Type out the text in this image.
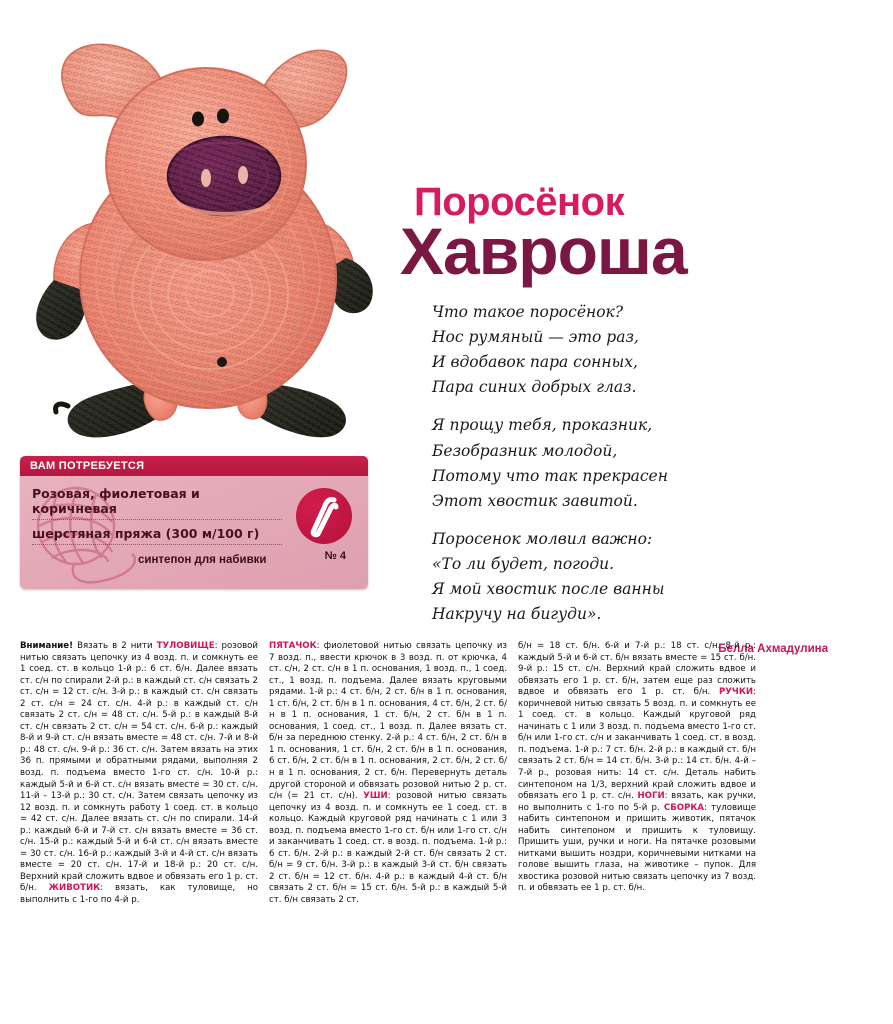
Поросёнок
Хавроша
Что такое поросёнок?
Нос румяный — это раз,
И вдобавок пара сонных,
Пара синих добрых глаз.
Я прощу тебя, проказник,
Безобразник молодой,
Потому что так прекрасен
Этот хвостик завитой.
Поросенок молвил важно:
«То ли будет, погоди.
Я мой хвостик после ванны
Накручу на бигуди».
Белла Ахмадулина
ВАМ ПОТРЕБУЕТСЯ
Розовая, фиолетовая и коричневая
шерстяная пряжа (300 м/100 г)
синтепон для набивки	№ 4

Внимание! Вязать в 2 нити ТУЛОВИЩЕ: розовой нитью связать цепочку из 4 возд. п. и сомкнуть ее 1 соед. ст. в кольцо 1-й р.: 6 ст. б/н. Далее вязать ст. с/н по спирали 2-й р.: в каждый ст. с/н связать 2 ст. с/н = 12 ст. с/н. 3-й р.: в каждый ст. с/н связать 2 ст. с/н = 24 ст. с/н. 4-й р.: в каждый ст. с/н связать 2 ст. с/н = 48 ст. с/н. 5-й р.: в каждый 8-й ст. с/н связать 2 ст. с/н = 54 ст. с/н. 6-й р.: каждый 8-й и 9-й ст. с/н вязать вместе = 48 ст. с/н. 7-й и 8-й р.: 48 ст. с/н. 9-й р.: 36 ст. с/н. Затем вязать на этих 36 п. прямыми и обратными рядами, выполняя 2 возд. п. подъема вместо 1-го ст. с/н. 10-й р.: каждый 5-й и 6-й ст. с/н вязать вместе = 30 ст. с/н. 11-й – 13-й р.: 30 ст. с/н. Затем связать цепочку из 12 возд. п. и сомкнуть работу 1 соед. ст. в кольцо = 42 ст. с/н. Далее вязать ст. с/н по спирали. 14-й р.: каждый 6-й и 7-й ст. с/н вязать вместе = 36 ст. с/н. 15-й р.: каждый 5-й и 6-й ст. с/н вязать вместе = 30 ст. с/н. 16-й р.: каждый 3-й и 4-й ст. с/н вязать вместе = 20 ст. с/н. 17-й и 18-й р.: 20 ст. с/н. Верхний край сложить вдвое и обвязать его 1 р. ст. б/н. ЖИВОТИК: вязать, как туловище, но выполнить с 1-го по 4-й р.

ПЯТАЧОК: фиолетовой нитью связать цепочку из 7 возд. п., ввести крючок в 3 возд. п. от крючка, 4 ст. с/н, 2 ст. с/н в 1 п. основания, 1 возд. п., 1 соед. ст., 1 возд. п. подъема. Далее вязать круговыми рядами. 1-й р.: 4 ст. б/н, 2 ст. б/н в 1 п. основания, 1 ст. б/н, 2 ст. б/н в 1 п. основания, 4 ст. б/н, 2 ст. б/н в 1 п. основания, 1 ст. б/н, 2 ст. б/н в 1 п. основания, 1 соед. ст., 1 возд. п. Далее вязать ст. б/н за переднюю стенку. 2-й р.: 4 ст. б/н, 2 ст. б/н в 1 п. основания, 1 ст. б/н, 2 ст. б/н в 1 п. основания, 6 ст. б/н, 2 ст. б/н в 1 п. основания, 2 ст. б/н, 2 ст. б/н в 1 п. основания, 2 ст. б/н. Перевернуть деталь другой стороной и обвязать розовой нитью 2 р. ст. с/н (= 21 ст. с/н). УШИ: розовой нитью связать цепочку из 4 возд. п. и сомкнуть ее 1 соед. ст. в кольцо. Каждый круговой ряд начинать с 1 или 3 возд. п. подъема вместо 1-го ст. б/н или 1-го ст. с/н и заканчивать 1 соед. ст. в возд. п. подъема. 1-й р.: 6 ст. б/н. 2-й р.: в каждый 2-й ст. б/н связать 2 ст. б/н = 9 ст. б/н. 3-й р.: в каждый 3-й ст. б/н связать 2 ст. б/н = 12 ст. б/н. 4-й р.: в каждый 4-й ст. б/н связать 2 ст. б/н = 15 ст. б/н. 5-й р.: в каждый 5-й ст. б/н связать 2 ст.

б/н = 18 ст. б/н. 6-й и 7-й р.: 18 ст. с/н. 8-й р.: каждый 5-й и 6-й ст. б/н вязать вместе = 15 ст. б/н. 9-й р.: 15 ст. с/н. Верхний край сложить вдвое и обвязать его 1 р. ст. б/н, затем еще раз сложить вдвое и обвязать его 1 р. ст. б/н. РУЧКИ: коричневой нитью связать 5 возд. п. и сомкнуть ее 1 соед. ст. в кольцо. Каждый круговой ряд начинать с 1 или 3 возд. п. подъема вместо 1-го ст. б/н или 1-го ст. с/н и заканчивать 1 соед. ст. в возд. п. подъема. 1-й р.: 7 ст. б/н. 2-й р.: в каждый ст. б/н связать 2 ст. б/н = 14 ст. б/н. 3-й р.: 14 ст. б/н. 4-й – 7-й р., розовая нить: 14 ст. с/н. Деталь набить синтепоном на 1/3, верхний край сложить вдвое и обвязать его 1 р. ст. с/н. НОГИ: вязать, как ручки, но выполнить с 1-го по 5-й р. СБОРКА: туловище набить синтепоном и пришить животик, пятачок набить синтепоном и пришить к туловищу. Пришить уши, ручки и ноги. На пятачке розовыми нитками вышить ноздри, коричневыми нитками на голове вышить глаза, на животике – пупок. Для хвостика розовой нитью связать цепочку из 7 возд. п. и обвязать ее 1 р. ст. б/н.
